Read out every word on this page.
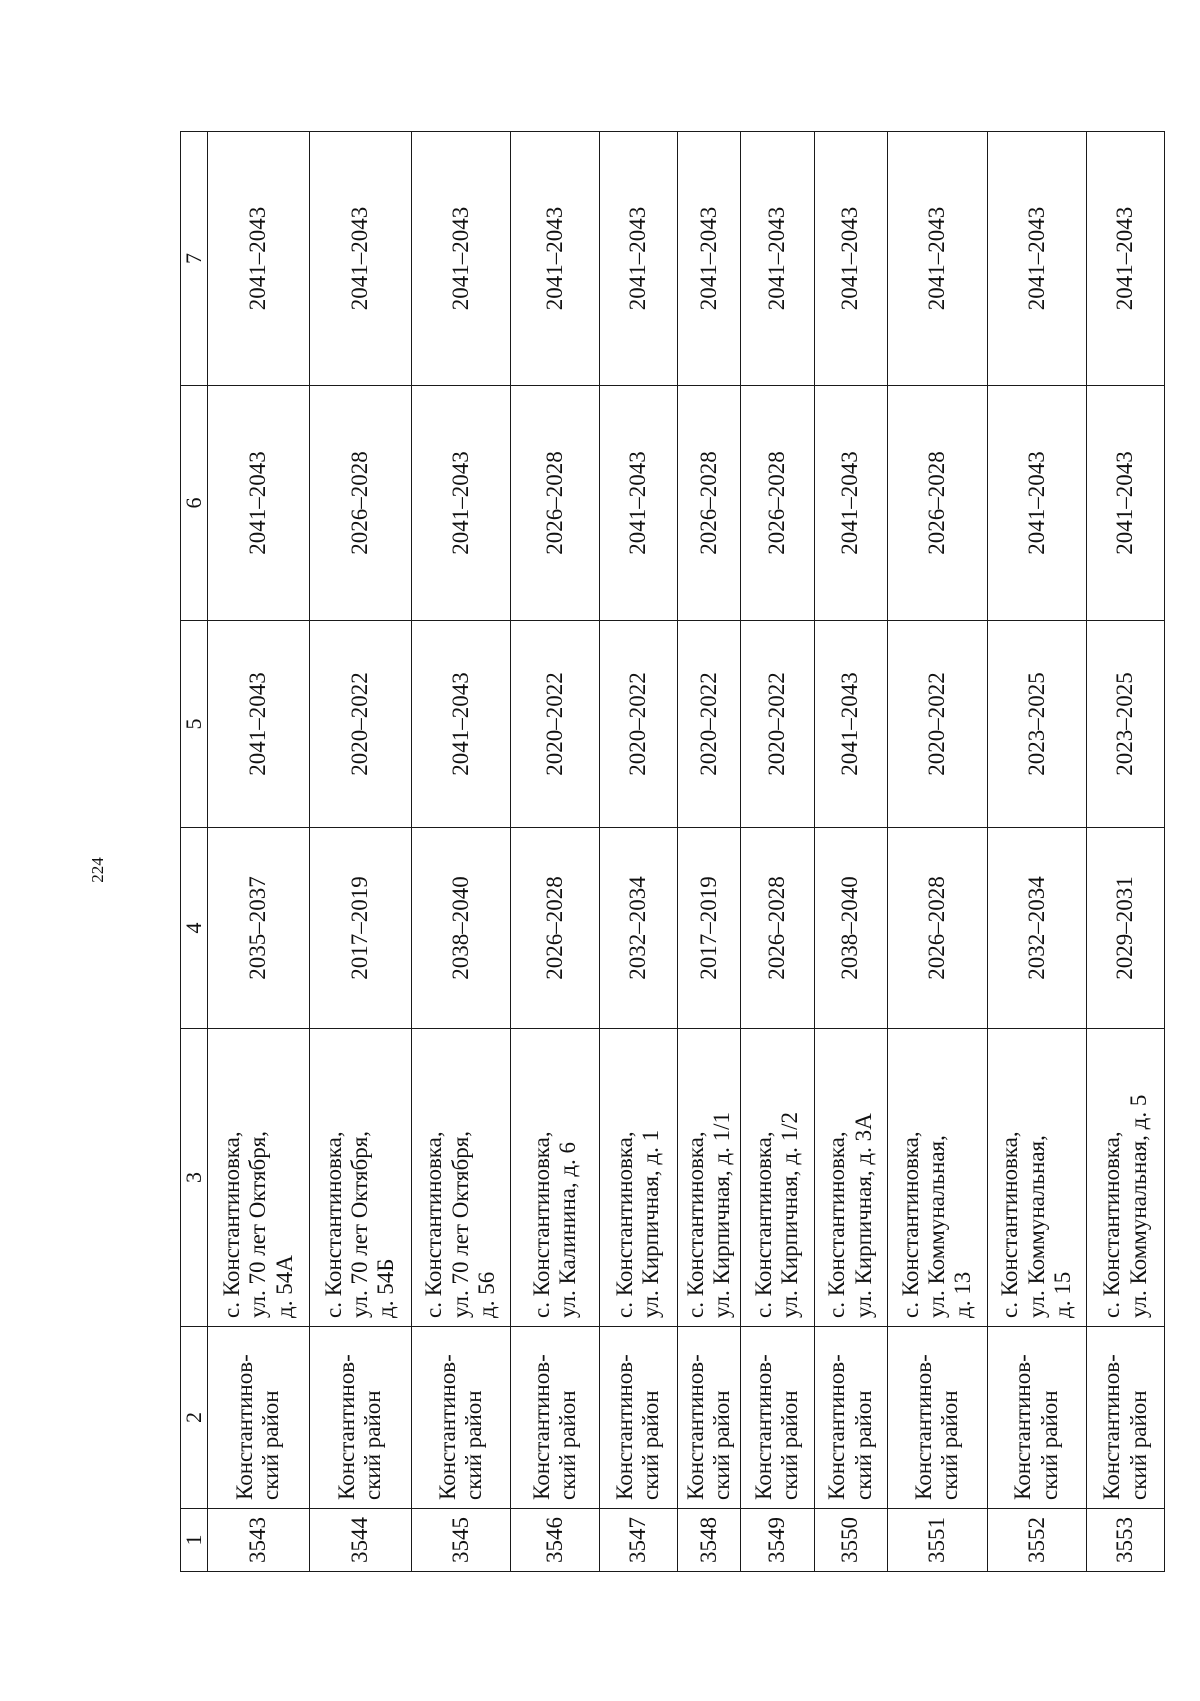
224
1	2	3	4	5	6	7
3543	Константинов- ский район	с. Константиновка, ул. 70 лет Октября, д. 54А	2035–2037	2041–2043	2041–2043	2041–2043
3544	Константинов- ский район	с. Константиновка, ул. 70 лет Октября, д. 54Б	2017–2019	2020–2022	2026–2028	2041–2043
3545	Константинов- ский район	с. Константиновка, ул. 70 лет Октября, д. 56	2038–2040	2041–2043	2041–2043	2041–2043
3546	Константинов- ский район	с. Константиновка, ул. Калинина, д. 6	2026–2028	2020–2022	2026–2028	2041–2043
3547	Константинов- ский район	с. Константиновка, ул. Кирпичная, д. 1	2032–2034	2020–2022	2041–2043	2041–2043
3548	Константинов- ский район	с. Константиновка, ул. Кирпичная, д. 1/1	2017–2019	2020–2022	2026–2028	2041–2043
3549	Константинов- ский район	с. Константиновка, ул. Кирпичная, д. 1/2	2026–2028	2020–2022	2026–2028	2041–2043
3550	Константинов- ский район	с. Константиновка, ул. Кирпичная, д. 3А	2038–2040	2041–2043	2041–2043	2041–2043
3551	Константинов- ский район	с. Константиновка, ул. Коммунальная, д. 13	2026–2028	2020–2022	2026–2028	2041–2043
3552	Константинов- ский район	с. Константиновка, ул. Коммунальная, д. 15	2032–2034	2023–2025	2041–2043	2041–2043
3553	Константинов- ский район	с. Константиновка, ул. Коммунальная, д. 5	2029–2031	2023–2025	2041–2043	2041–2043
